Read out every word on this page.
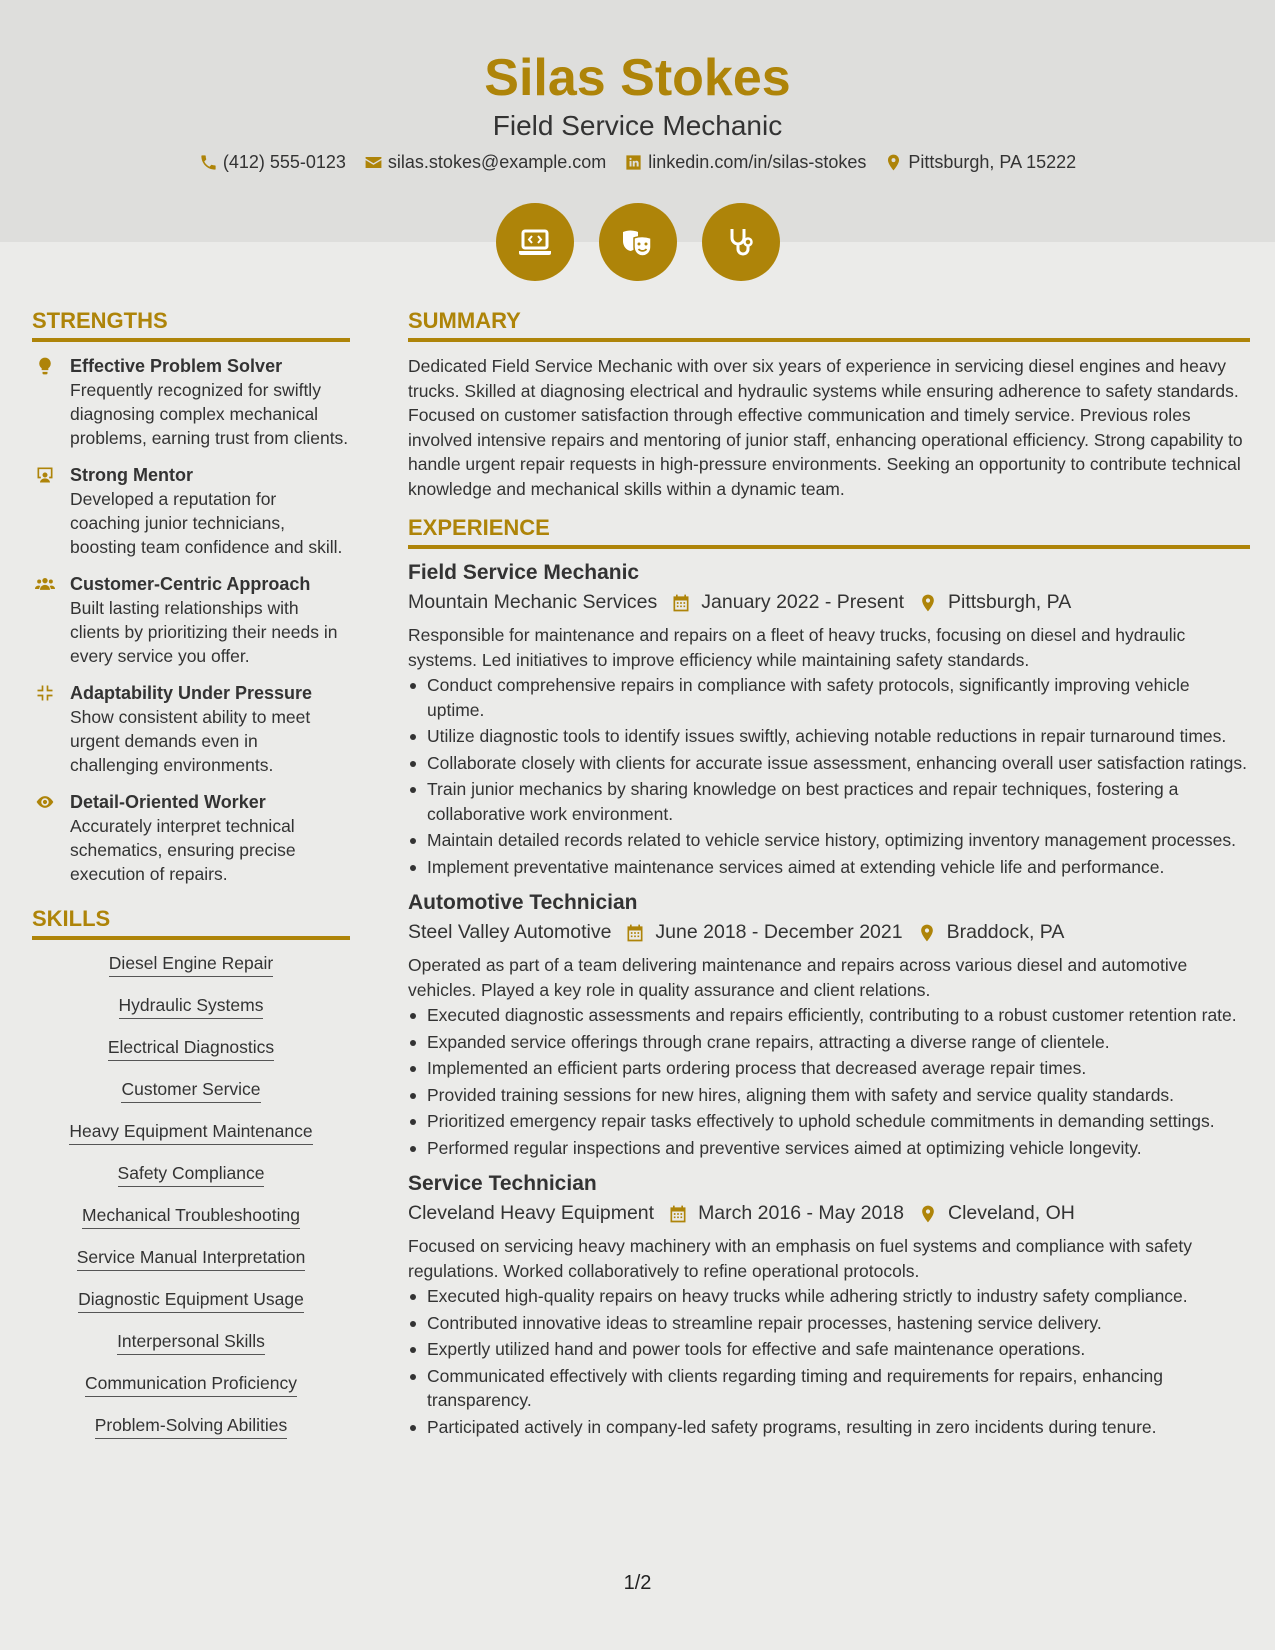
Silas Stokes
Field Service Mechanic
(412) 555-0123 silas.stokes@example.com linkedin.com/in/silas-stokes Pittsburgh, PA 15222
STRENGTHS
Effective Problem Solver
Frequently recognized for swiftly diagnosing complex mechanical problems, earning trust from clients.
Strong Mentor
Developed a reputation for coaching junior technicians, boosting team confidence and skill.
Customer-Centric Approach
Built lasting relationships with clients by prioritizing their needs in every service you offer.
Adaptability Under Pressure
Show consistent ability to meet urgent demands even in challenging environments.
Detail-Oriented Worker
Accurately interpret technical schematics, ensuring precise execution of repairs.
SKILLS
Diesel Engine Repair
Hydraulic Systems
Electrical Diagnostics
Customer Service
Heavy Equipment Maintenance
Safety Compliance
Mechanical Troubleshooting
Service Manual Interpretation
Diagnostic Equipment Usage
Interpersonal Skills
Communication Proficiency
Problem-Solving Abilities
SUMMARY
Dedicated Field Service Mechanic with over six years of experience in servicing diesel engines and heavy trucks. Skilled at diagnosing electrical and hydraulic systems while ensuring adherence to safety standards. Focused on customer satisfaction through effective communication and timely service. Previous roles involved intensive repairs and mentoring of junior staff, enhancing operational efficiency. Strong capability to handle urgent repair requests in high-pressure environments. Seeking an opportunity to contribute technical knowledge and mechanical skills within a dynamic team.
EXPERIENCE
Field Service Mechanic
Mountain Mechanic Services January 2022 - Present Pittsburgh, PA
Responsible for maintenance and repairs on a fleet of heavy trucks, focusing on diesel and hydraulic systems. Led initiatives to improve efficiency while maintaining safety standards.
Conduct comprehensive repairs in compliance with safety protocols, significantly improving vehicle uptime.
Utilize diagnostic tools to identify issues swiftly, achieving notable reductions in repair turnaround times.
Collaborate closely with clients for accurate issue assessment, enhancing overall user satisfaction ratings.
Train junior mechanics by sharing knowledge on best practices and repair techniques, fostering a collaborative work environment.
Maintain detailed records related to vehicle service history, optimizing inventory management processes.
Implement preventative maintenance services aimed at extending vehicle life and performance.
Automotive Technician
Steel Valley Automotive June 2018 - December 2021 Braddock, PA
Operated as part of a team delivering maintenance and repairs across various diesel and automotive vehicles. Played a key role in quality assurance and client relations.
Executed diagnostic assessments and repairs efficiently, contributing to a robust customer retention rate.
Expanded service offerings through crane repairs, attracting a diverse range of clientele.
Implemented an efficient parts ordering process that decreased average repair times.
Provided training sessions for new hires, aligning them with safety and service quality standards.
Prioritized emergency repair tasks effectively to uphold schedule commitments in demanding settings.
Performed regular inspections and preventive services aimed at optimizing vehicle longevity.
Service Technician
Cleveland Heavy Equipment March 2016 - May 2018 Cleveland, OH
Focused on servicing heavy machinery with an emphasis on fuel systems and compliance with safety regulations. Worked collaboratively to refine operational protocols.
Executed high-quality repairs on heavy trucks while adhering strictly to industry safety compliance.
Contributed innovative ideas to streamline repair processes, hastening service delivery.
Expertly utilized hand and power tools for effective and safe maintenance operations.
Communicated effectively with clients regarding timing and requirements for repairs, enhancing transparency.
Participated actively in company-led safety programs, resulting in zero incidents during tenure.
1/2
